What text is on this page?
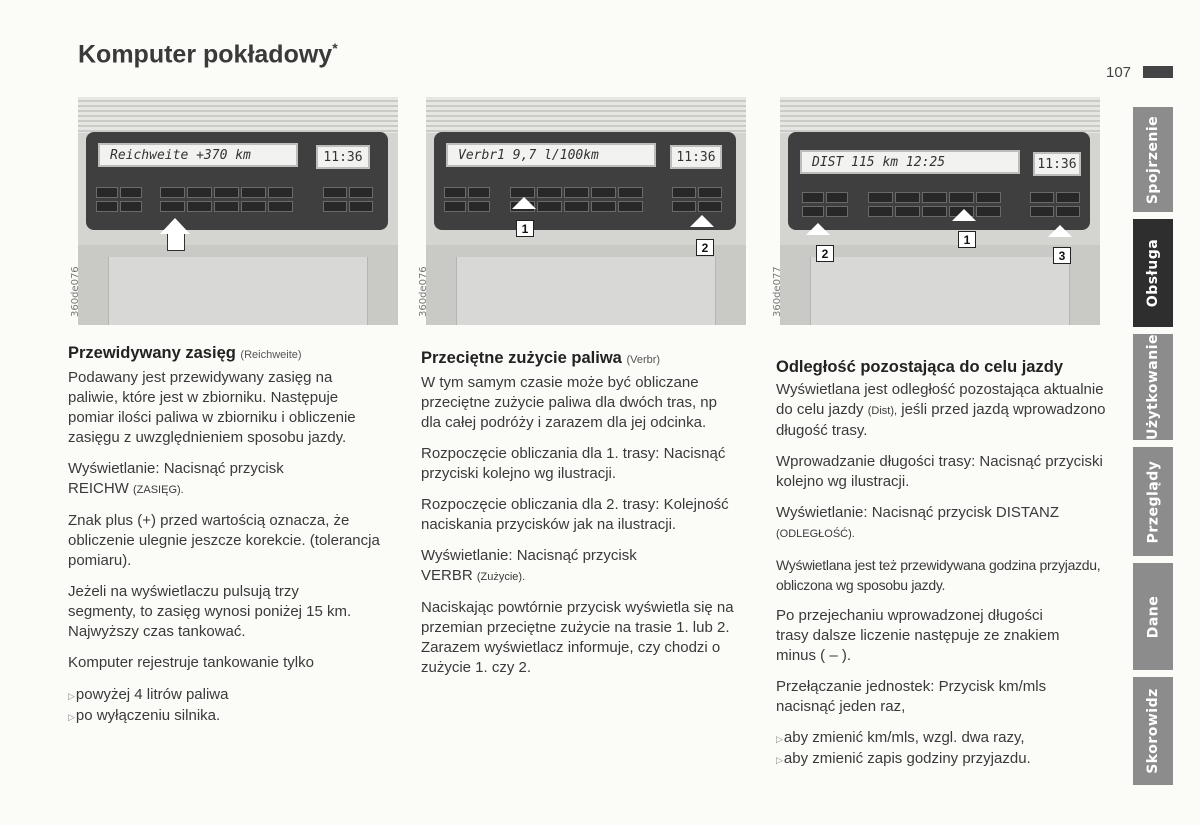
Komputer pokładowy*
107
Spojrzenie
Obsługa
Użytkowanie
Przeglądy
Dane
Skorowidz
Reichweite +370 km	11:36
360de076
Verbr1 9,7 l/100km	11:36
1
2
360de076
DIST 115 km 12:25	11:36
2
1
3
360de077
Przewidywany zasięg (Reichweite)

Podawany jest przewidywany zasięg na paliwie, które jest w zbiorniku. Następuje pomiar ilości paliwa w zbiorniku i obliczenie zasięgu z uwzględnieniem sposobu jazdy.

Wyświetlanie: Nacisnąć przycisk
REICHW (ZASIĘG).

Znak plus (+) przed wartością oznacza, że obliczenie ulegnie jeszcze korekcie. (tolerancja pomiaru).

Jeżeli na wyświetlaczu pulsują trzy segmenty, to zasięg wynosi poniżej 15 km. Najwyższy czas tankować.

Komputer rejestruje tankowanie tylko

▷ powyżej 4 litrów paliwa
▷ po wyłączeniu silnika.
Przeciętne zużycie paliwa (Verbr)

W tym samym czasie może być obliczane przeciętne zużycie paliwa dla dwóch tras, np dla całej podróży i zarazem dla jej odcinka.

Rozpoczęcie obliczania dla 1. trasy: Nacisnąć przyciski kolejno wg ilustracji.

Rozpoczęcie obliczania dla 2. trasy: Kolejność naciskania przycisków jak na ilustracji.

Wyświetlanie: Nacisnąć przycisk
VERBR (Zużycie).

Naciskając powtórnie przycisk wyświetla się na przemian przeciętne zużycie na trasie 1. lub 2. Zarazem wyświetlacz informuje, czy chodzi o zużycie 1. czy 2.

Odległość pozostająca do celu jazdy

Wyświetlana jest odległość pozostająca aktualnie do celu jazdy (Dist), jeśli przed jazdą wprowadzono długość trasy.

Wprowadzanie długości trasy: Nacisnąć przyciski kolejno wg ilustracji.

Wyświetlanie: Nacisnąć przycisk DISTANZ (ODLEGŁOŚĆ).

Wyświetlana jest też przewidywana godzina przyjazdu, obliczona wg sposobu jazdy.

Po przejechaniu wprowadzonej długości trasy dalsze liczenie następuje ze znakiem minus ( – ).

Przełączanie jednostek: Przycisk km/mls nacisnąć jeden raz,

▷ aby zmienić km/mls, wzgl. dwa razy,
▷ aby zmienić zapis godziny przyjazdu.
